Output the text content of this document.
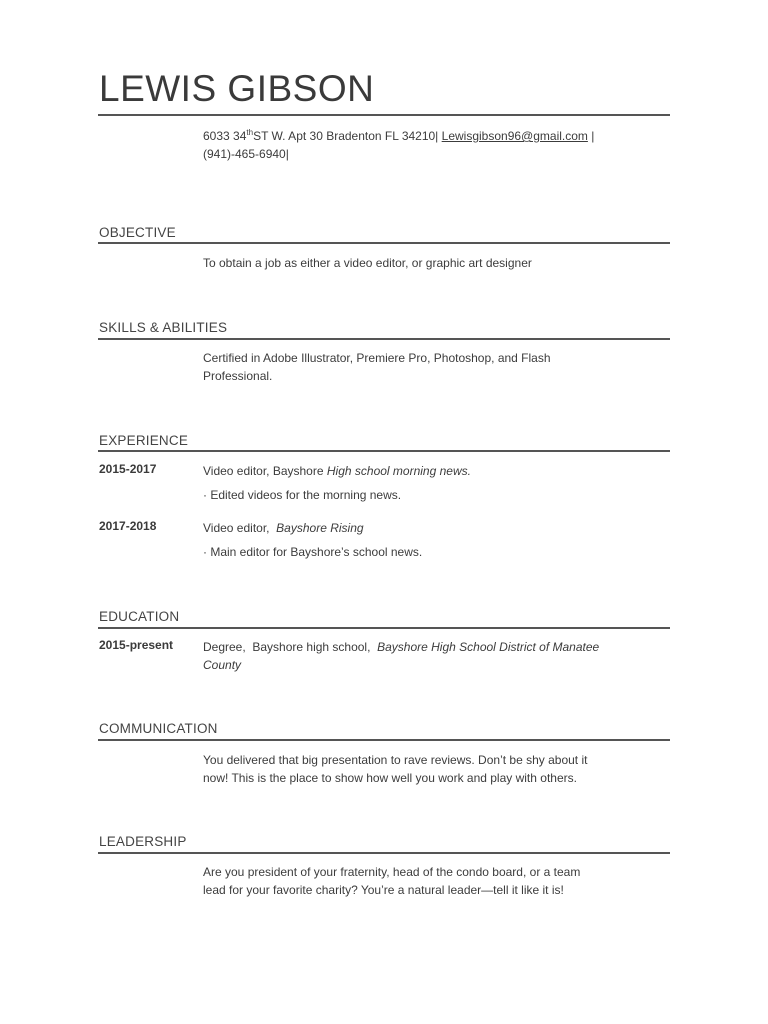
LEWIS GIBSON
6033 34thST W. Apt 30 Bradenton FL 34210| Lewisgibson96@gmail.com |
(941)-465-6940|
OBJECTIVE
To obtain a job as either a video editor, or graphic art designer
SKILLS & ABILITIES
Certified in Adobe Illustrator, Premiere Pro, Photoshop, and Flash
Professional.
EXPERIENCE
2015-2017	Video editor, Bayshore High school morning news.
· Edited videos for the morning news.
2017-2018	Video editor,  Bayshore Rising
· Main editor for Bayshore’s school news.
EDUCATION
2015-present Degree,  Bayshore high school,  Bayshore High School District of Manatee
County
COMMUNICATION
You delivered that big presentation to rave reviews. Don’t be shy about it
now! This is the place to show how well you work and play with others.
LEADERSHIP
Are you president of your fraternity, head of the condo board, or a team
lead for your favorite charity? You’re a natural leader—tell it like it is!
